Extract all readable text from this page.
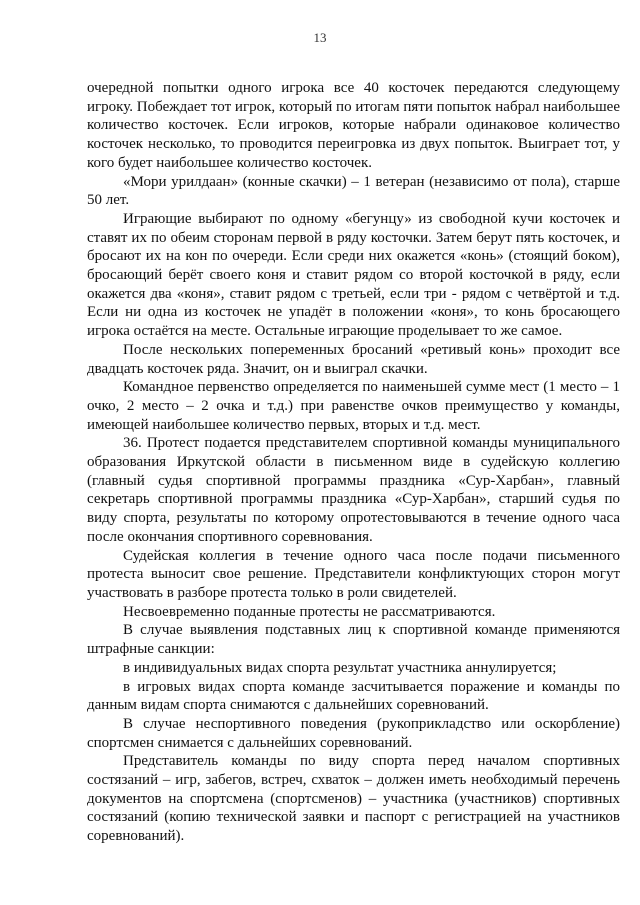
13

очередной попытки одного игрока все 40 косточек передаются следующему игроку. Побеждает тот игрок, который по итогам пяти попыток набрал наибольшее количество косточек. Если игроков, которые набрали одинаковое количество косточек несколько, то проводится переигровка из двух попыток. Выиграет тот, у кого будет наибольшее количество косточек.

«Мори урилдаан» (конные скачки) – 1 ветеран (независимо от пола), старше 50 лет.

Играющие выбирают по одному «бегунцу» из свободной кучи косточек и ставят их по обеим сторонам первой в ряду косточки. Затем берут пять косточек, и бросают их на кон по очереди. Если среди них окажется «конь» (стоящий боком), бросающий берёт своего коня и ставит рядом со второй косточкой в ряду, если окажется два «коня», ставит рядом с третьей, если три - рядом с четвёртой и т.д. Если ни одна из косточек не упадёт в положении «коня», то конь бросающего игрока остаётся на месте. Остальные играющие проделывает то же самое.

После нескольких попеременных бросаний «ретивый конь» проходит все двадцать косточек ряда. Значит, он и выиграл скачки.

Командное первенство определяется по наименьшей сумме мест (1 место – 1 очко, 2 место – 2 очка и т.д.) при равенстве очков преимущество у команды, имеющей наибольшее количество первых, вторых и т.д. мест.

36. Протест подается представителем спортивной команды муниципального образования Иркутской области в письменном виде в судейскую коллегию (главный судья спортивной программы праздника «Сур-Харбан», главный секретарь спортивной программы праздника «Сур-Харбан», старший судья по виду спорта, результаты по которому опротестовываются в течение одного часа после окончания спортивного соревнования.

Судейская коллегия в течение одного часа после подачи письменного протеста выносит свое решение. Представители конфликтующих сторон могут участвовать в разборе протеста только в роли свидетелей.

Несвоевременно поданные протесты не рассматриваются.

В случае выявления подставных лиц к спортивной команде применяются штрафные санкции:

в индивидуальных видах спорта результат участника аннулируется;

в игровых видах спорта команде засчитывается поражение и команды по данным видам спорта снимаются с дальнейших соревнований.

В случае неспортивного поведения (рукоприкладство или оскорбление) спортсмен снимается с дальнейших соревнований.

Представитель команды по виду спорта перед началом спортивных состязаний – игр, забегов, встреч, схваток – должен иметь необходимый перечень документов на спортсмена (спортсменов) – участника (участников) спортивных состязаний (копию технической заявки и паспорт с регистрацией на участников соревнований).
